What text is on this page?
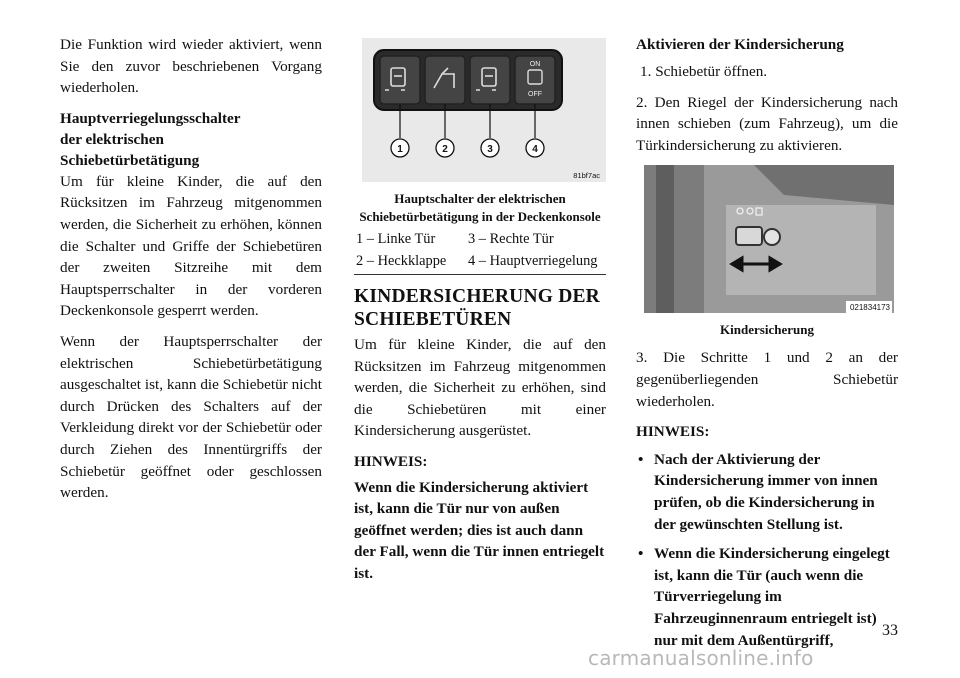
Die Funktion wird wieder aktiviert, wenn Sie den zuvor beschriebenen Vorgang wiederholen.

Hauptverriegelungsschalter der elektrischen Schiebetürbetätigung

Um für kleine Kinder, die auf den Rücksitzen im Fahrzeug mitgenommen werden, die Sicherheit zu erhöhen, können die Schalter und Griffe der Schiebetüren der zweiten Sitzreihe mit dem Hauptsperrschalter in der vorderen Deckenkonsole gesperrt werden.

Wenn der Hauptsperrschalter der elektrischen Schiebetürbetätigung ausgeschaltet ist, kann die Schiebetür nicht durch Drücken des Schalters auf der Verkleidung direkt vor der Schiebetür oder durch Ziehen des Innentürgriffs der Schiebetür geöffnet oder geschlossen werden.

ON
OFF
1	2	3	4
81bf7ac
Hauptschalter der elektrischen Schiebetürbetätigung in der Deckenkonsole
1 – Linke Tür	3 – Rechte Tür
2 – Heckklappe	4 – Hauptverriegelung
KINDERSICHERUNG DER SCHIEBETÜREN

Um für kleine Kinder, die auf den Rücksitzen im Fahrzeug mitgenommen werden, die Sicherheit zu erhöhen, sind die Schiebetüren mit einer Kindersicherung ausgerüstet.

HINWEIS:

Wenn die Kindersicherung aktiviert ist, kann die Tür nur von außen geöffnet werden; dies ist auch dann der Fall, wenn die Tür innen entriegelt ist.

Aktivieren der Kindersicherung

1. Schiebetür öffnen.

2. Den Riegel der Kindersicherung nach innen schieben (zum Fahrzeug), um die Türkindersicherung zu aktivieren.

021834173
Kindersicherung

3. Die Schritte 1 und 2 an der gegenüberliegenden Schiebetür wiederholen.

HINWEIS:

• Nach der Aktivierung der Kindersicherung immer von innen prüfen, ob die Kindersicherung in der gewünschten Stellung ist.
• Wenn die Kindersicherung eingelegt ist, kann die Tür (auch wenn die Türverriegelung im Fahrzeuginnenraum entriegelt ist) nur mit dem Außentürgriff,
33
carmanualsonline.info
